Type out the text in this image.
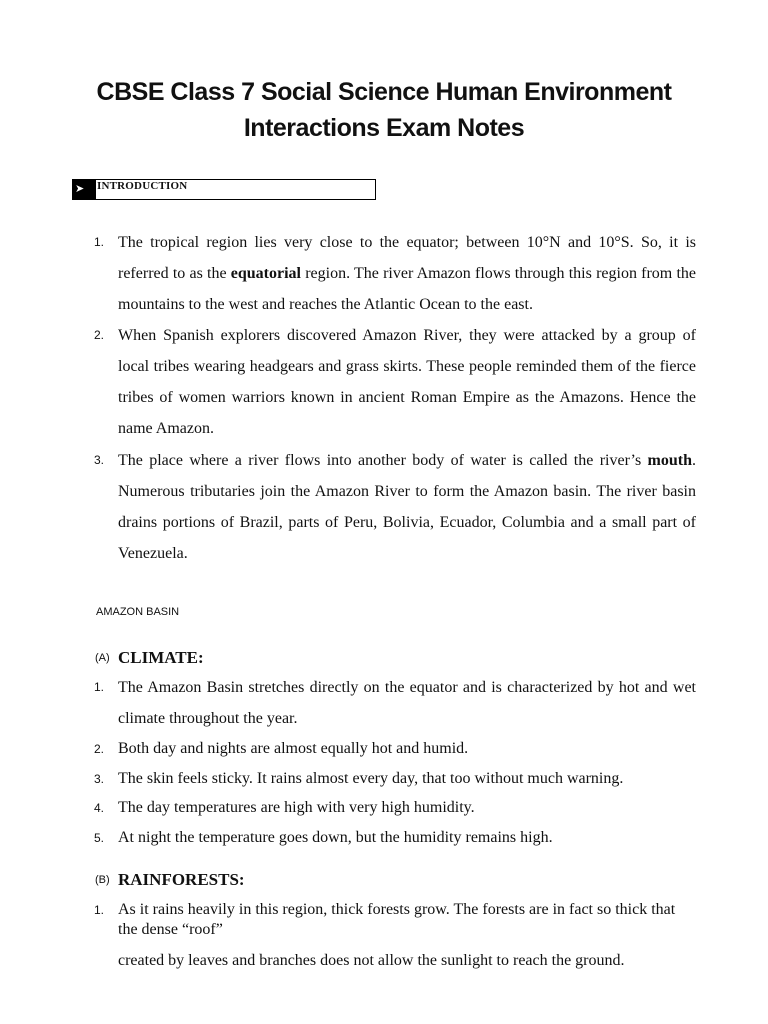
CBSE Class 7 Social Science Human Environment
Interactions Exam Notes
➤	INTRODUCTION
1. The tropical region lies very close to the equator; between 10°N and 10°S. So, it is referred to as the equatorial region. The river Amazon flows through this region from the mountains to the west and reaches the Atlantic Ocean to the east.
2. When Spanish explorers discovered Amazon River, they were attacked by a group of local tribes wearing headgears and grass skirts. These people reminded them of the fierce tribes of women warriors known in ancient Roman Empire as the Amazons. Hence the name Amazon.
3. The place where a river flows into another body of water is called the river’s mouth. Numerous tributaries join the Amazon River to form the Amazon basin. The river basin drains portions of Brazil, parts of Peru, Bolivia, Ecuador, Columbia and a small part of Venezuela.
AMAZON BASIN
(A) CLIMATE:
1. The Amazon Basin stretches directly on the equator and is characterized by hot and wet climate throughout the year.
2. Both day and nights are almost equally hot and humid.
3. The skin feels sticky. It rains almost every day, that too without much warning.
4. The day temperatures are high with very high humidity.
5. At night the temperature goes down, but the humidity remains high.
(B) RAINFORESTS:
1. As it rains heavily in this region, thick forests grow. The forests are in fact so thick that the dense “roof”
created by leaves and branches does not allow the sunlight to reach the ground.
